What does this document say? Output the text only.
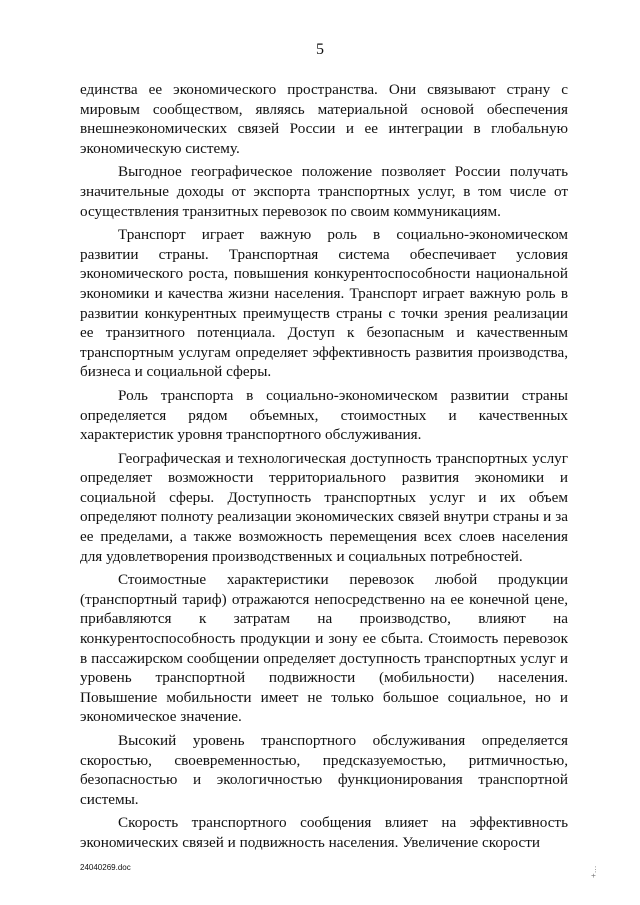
5

единства ее экономического пространства. Они связывают страну с мировым сообществом, являясь материальной основой обеспечения внешнеэкономических связей России и ее интеграции в глобальную экономическую систему.

Выгодное географическое положение позволяет России получать значительные доходы от экспорта транспортных услуг, в том числе от осуществления транзитных перевозок по своим коммуникациям.

Транспорт играет важную роль в социально-экономическом развитии страны. Транспортная система обеспечивает условия экономического роста, повышения конкурентоспособности национальной экономики и качества жизни населения. Транспорт играет важную роль в развитии конкурентных преимуществ страны с точки зрения реализации ее транзитного потенциала. Доступ к безопасным и качественным транспортным услугам определяет эффективность развития производства, бизнеса и социальной сферы.

Роль транспорта в социально-экономическом развитии страны определяется рядом объемных, стоимостных и качественных характеристик уровня транспортного обслуживания.

Географическая и технологическая доступность транспортных услуг определяет возможности территориального развития экономики и социальной сферы. Доступность транспортных услуг и их объем определяют полноту реализации экономических связей внутри страны и за ее пределами, а также возможность перемещения всех слоев населения для удовлетворения производственных и социальных потребностей.

Стоимостные характеристики перевозок любой продукции (транспортный тариф) отражаются непосредственно на ее конечной цене, прибавляются к затратам на производство, влияют на конкурентоспособность продукции и зону ее сбыта. Стоимость перевозок в пассажирском сообщении определяет доступность транспортных услуг и уровень транспортной подвижности (мобильности) населения. Повышение мобильности имеет не только большое социальное, но и экономическое значение.

Высокий уровень транспортного обслуживания определяется скоростью, своевременностью, предсказуемостью, ритмичностью, безопасностью и экологичностью функционирования транспортной системы.

Скорость транспортного сообщения влияет на эффективность экономических связей и подвижность населения. Увеличение скорости

24040269.doc	+…
